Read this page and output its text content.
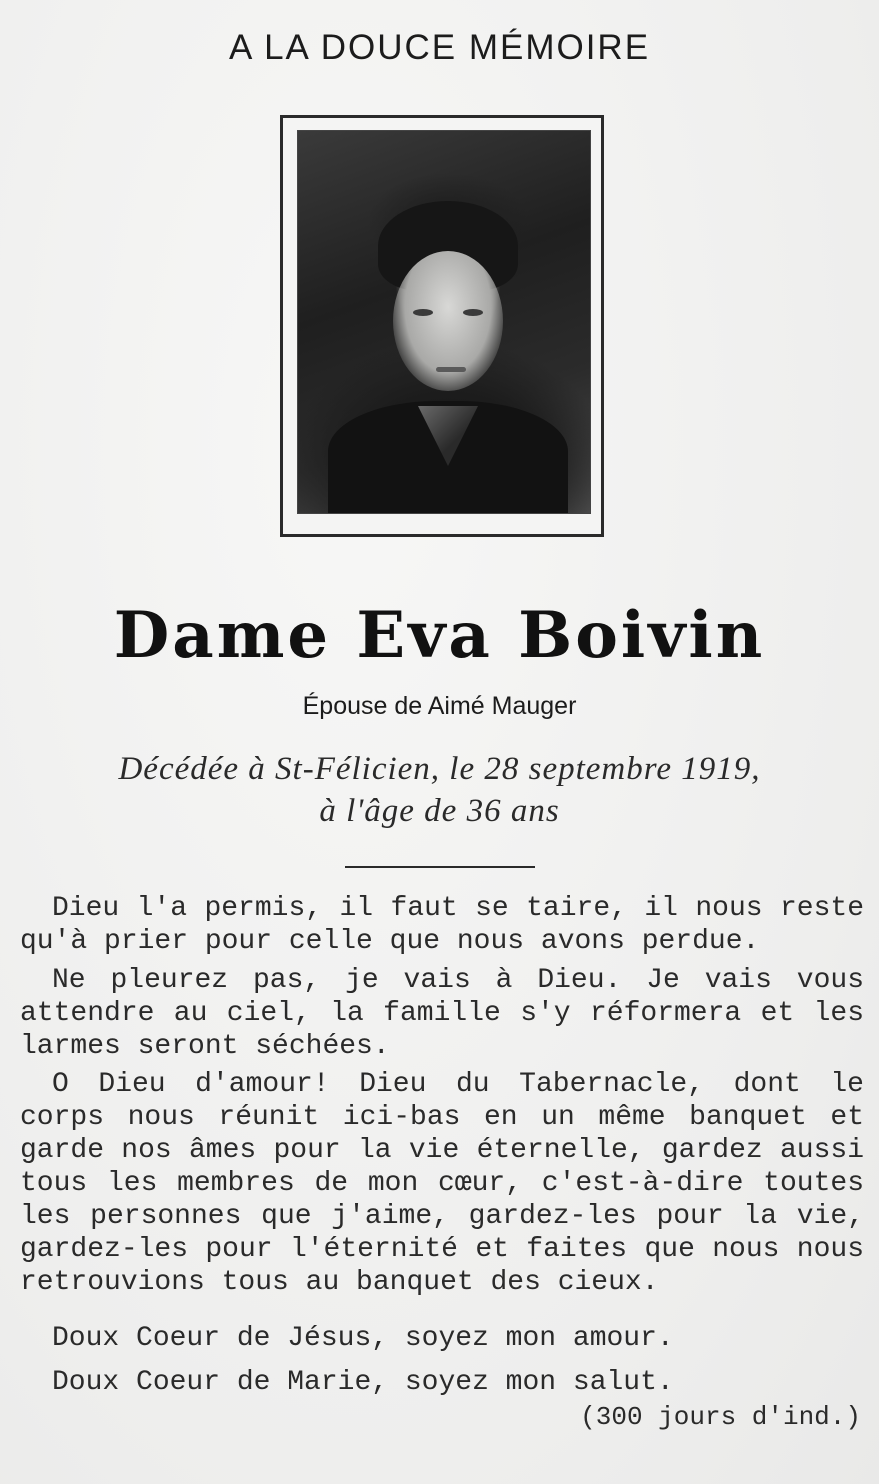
A LA DOUCE MÉMOIRE
Dame Eva Boivin
Épouse de Aimé Mauger
Décédée à St-Félicien, le 28 septembre 1919,
à l'âge de 36 ans

Dieu l'a permis, il faut se taire, il nous reste qu'à prier pour celle que nous avons perdue.

Ne pleurez pas, je vais à Dieu. Je vais vous attendre au ciel, la famille s'y réformera et les larmes seront séchées.

O Dieu d'amour! Dieu du Tabernacle, dont le corps nous réunit ici-bas en un même banquet et garde nos âmes pour la vie éternelle, gardez aussi tous les membres de mon cœur, c'est-à-dire toutes les personnes que j'aime, gardez-les pour la vie, gardez-les pour l'éternité et faites que nous nous retrouvions tous au banquet des cieux.

Doux Coeur de Jésus, soyez mon amour.

Doux Coeur de Marie, soyez mon salut.

(300 jours d'ind.)
